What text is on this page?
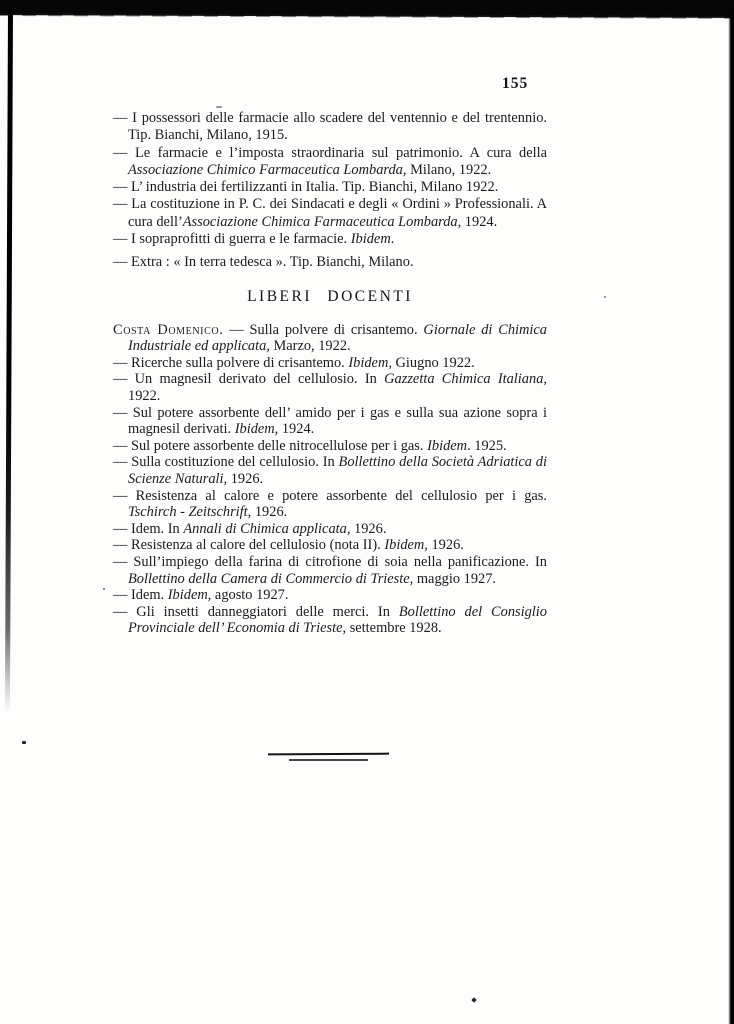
155

— I possessori delle farmacie allo scadere del ventennio e del trentennio. Tip. Bianchi, Milano, 1915.

— Le farmacie e l’imposta straordinaria sul patrimonio. A cura della Associazione Chimico Farmaceutica Lombarda, Milano, 1922.

— L’ industria dei fertilizzanti in Italia. Tip. Bianchi, Milano 1922.

— La costituzione in P. C. dei Sindacati e degli « Ordini » Professionali. A cura dell’Associazione Chimica Farmaceutica Lombarda, 1924.

— I sopraprofitti di guerra e le farmacie. Ibidem.

— Extra : « In terra tedesca ». Tip. Bianchi, Milano.

LIBERI DOCENTI

Costa Domenico. — Sulla polvere di crisantemo. Giornale di Chimica Industriale ed applicata, Marzo, 1922.

— Ricerche sulla polvere di crisantemo. Ibidem, Giugno 1922.

— Un magnesil derivato del cellulosio. In Gazzetta Chimica Italiana, 1922.

— Sul potere assorbente dell’ amido per i gas e sulla sua azione sopra i magnesil derivati. Ibidem, 1924.

— Sul potere assorbente delle nitrocellulose per i gas. Ibidem. 1925.

— Sulla costituzione del cellulosio. In Bollettino della Società Adriatica di Scienze Naturali, 1926.

— Resistenza al calore e potere assorbente del cellulosio per i gas. Tschirch - Zeitschrift, 1926.

— Idem. In Annali di Chimica applicata, 1926.

— Resistenza al calore del cellulosio (nota II). Ibidem, 1926.

— Sull’impiego della farina di citrofione di soia nella panificazione. In Bollettino della Camera di Commercio di Trieste, maggio 1927.

— Idem. Ibidem, agosto 1927.

— Gli insetti danneggiatori delle merci. In Bollettino del Consiglio Provinciale dell’ Economia di Trieste, settembre 1928.
